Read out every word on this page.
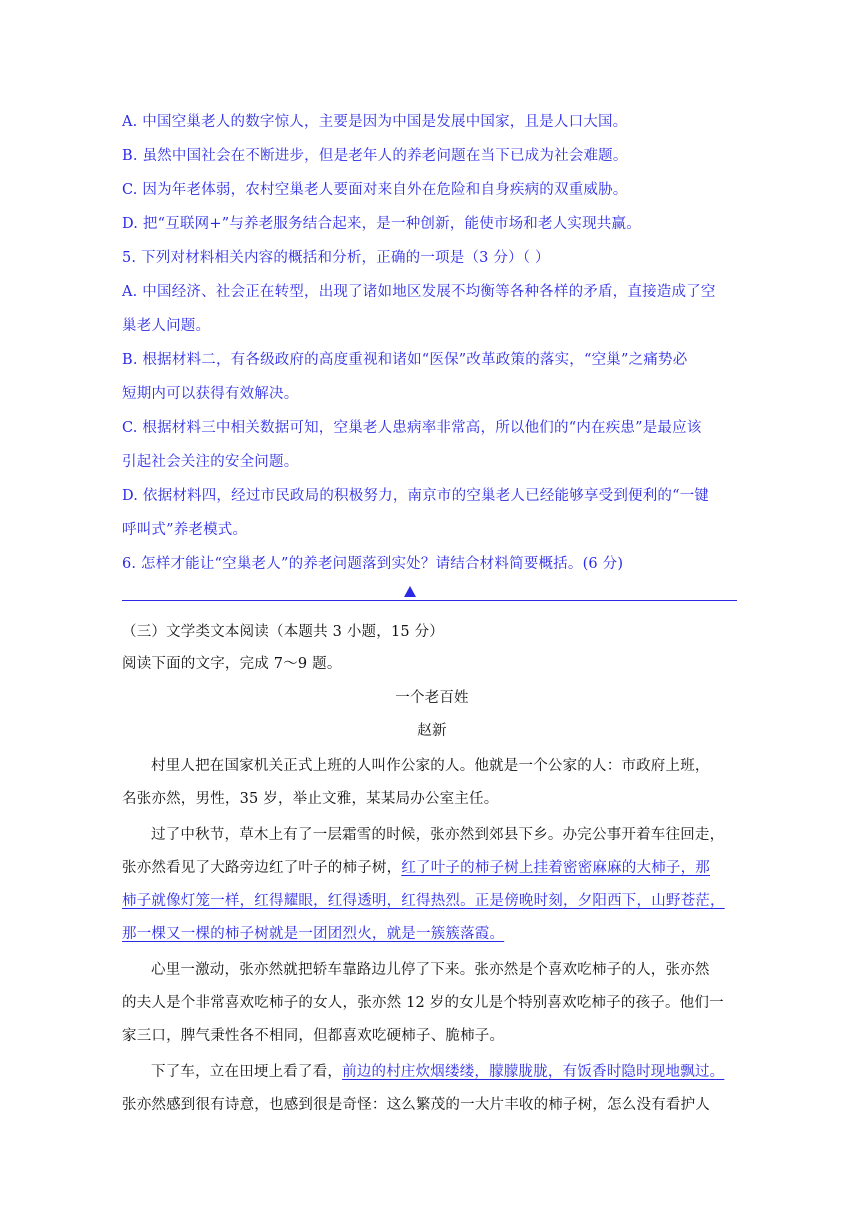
A. 中国空巢老人的数字惊人，主要是因为中国是发展中国家，且是人口大国。
B. 虽然中国社会在不断进步，但是老年人的养老问题在当下已成为社会难题。
C. 因为年老体弱，农村空巢老人要面对来自外在危险和自身疾病的双重威胁。
D. 把“互联网+”与养老服务结合起来，是一种创新，能使市场和老人实现共赢。
5. 下列对材料相关内容的概括和分析，正确的一项是（3 分）（ ）
A. 中国经济、社会正在转型，出现了诸如地区发展不均衡等各种各样的矛盾，直接造成了空
巢老人问题。
B. 根据材料二，有各级政府的高度重视和诸如“医保”改革政策的落实，“空巢”之痛势必
短期内可以获得有效解决。
C. 根据材料三中相关数据可知，空巢老人患病率非常高，所以他们的“内在疾患”是最应该
引起社会关注的安全问题。
D. 依据材料四，经过市民政局的积极努力，南京市的空巢老人已经能够享受到便利的“一键
呼叫式”养老模式。
6. 怎样才能让“空巢老人”的养老问题落到实处？请结合材料简要概括。(6 分)
（三）文学类文本阅读（本题共 3 小题，15 分）
阅读下面的文字，完成 7～9 题。
一个老百姓
赵新
村里人把在国家机关正式上班的人叫作公家的人。他就是一个公家的人：市政府上班，
名张亦然，男性，35 岁，举止文雅，某某局办公室主任。
过了中秋节，草木上有了一层霜雪的时候，张亦然到郊县下乡。办完公事开着车往回走，
张亦然看见了大路旁边红了叶子的柿子树，红了叶子的柿子树上挂着密密麻麻的大柿子，那
柿子就像灯笼一样，红得耀眼，红得透明，红得热烈。正是傍晚时刻，夕阳西下，山野苍茫，
那一棵又一棵的柿子树就是一团团烈火，就是一簇簇落霞。
心里一激动，张亦然就把轿车靠路边儿停了下来。张亦然是个喜欢吃柿子的人，张亦然
的夫人是个非常喜欢吃柿子的女人，张亦然 12 岁的女儿是个特别喜欢吃柿子的孩子。他们一
家三口，脾气秉性各不相同，但都喜欢吃硬柿子、脆柿子。
下了车，立在田埂上看了看，前边的村庄炊烟缕缕，朦朦胧胧，有饭香时隐时现地飘过。
张亦然感到很有诗意，也感到很是奇怪：这么繁茂的一大片丰收的柿子树，怎么没有看护人
